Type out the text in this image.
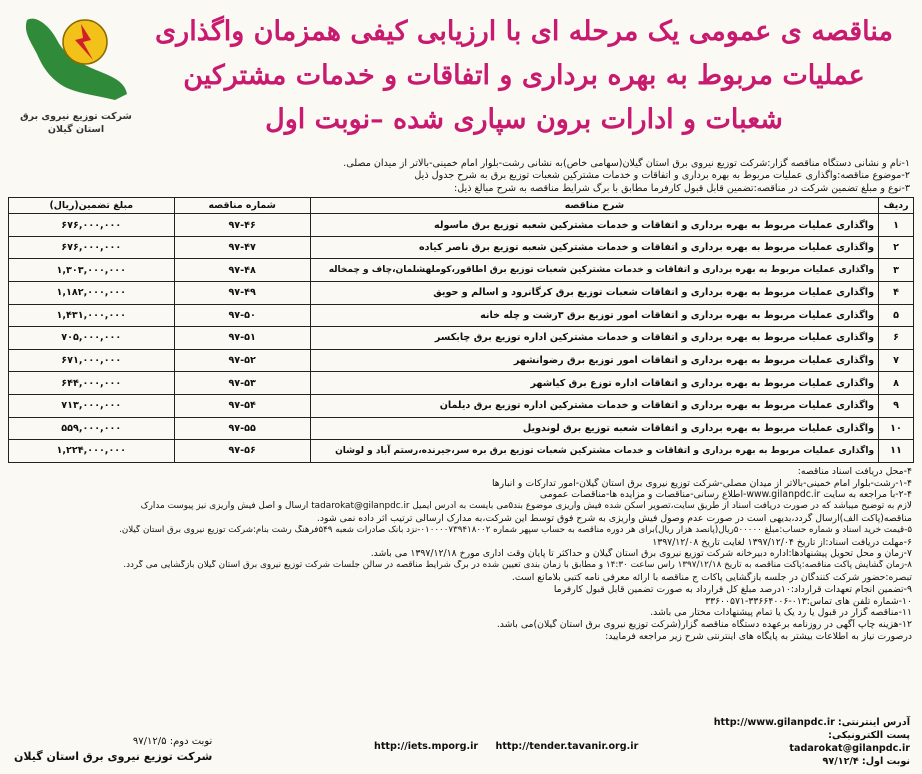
شرکت توزیع نیروی برق
استان گیلان
مناقصه ی عمومی یک مرحله ای با ارزیابی کیفی همزمان واگذاری
عملیات مربوط به بهره برداری و اتفاقات و خدمات مشترکین
شعبات و ادارات برون سپاری شده –نوبت اول
۱-نام و نشانی دستگاه مناقصه گزار:شرکت توزیع نیروی برق استان گیلان(سهامی خاص)به نشانی رشت-بلوار امام خمینی-بالاتر از میدان مصلی.
۲-موضوع مناقصه:واگذاری عملیات مربوط به بهره برداری و اتفاقات و خدمات مشترکین شعبات توزیع برق به شرح جدول ذیل
۳-نوع و مبلغ تضمین شرکت در مناقصه:تضمین قابل قبول کارفرما مطابق با برگ شرایط مناقصه به شرح مبالغ ذیل:
ردیف	شرح مناقصه	شماره مناقصه	مبلغ تضمین(ریال)
۱	واگذاری عملیات مربوط به بهره برداری و اتفاقات و خدمات مشترکین شعبه توزیع برق ماسوله	۹۷-۴۶	۶۷۶,۰۰۰,۰۰۰
۲	واگذاری عملیات مربوط به بهره برداری و اتفاقات و خدمات مشترکین شعبه توزیع برق ناصر کیاده	۹۷-۴۷	۶۷۶,۰۰۰,۰۰۰
۳	واگذاری عملیات مربوط به بهره برداری و اتفاقات و خدمات مشترکین شعبات توزیع برق اطاقور،کوملهشلمان،چاف و چمخاله	۹۷-۴۸	۱,۳۰۳,۰۰۰,۰۰۰
۴	واگذاری عملیات مربوط به بهره برداری و اتفاقات شعبات توزیع برق کرگانرود و اسالم و حویق	۹۷-۴۹	۱,۱۸۲,۰۰۰,۰۰۰
۵	واگذاری عملیات مربوط به بهره برداری و اتفاقات امور توزیع برق ۳رشت و چله خانه	۹۷-۵۰	۱,۴۳۱,۰۰۰,۰۰۰
۶	واگذاری عملیات مربوط به بهره برداری و اتفاقات و خدمات مشترکین اداره توزیع برق چابکسر	۹۷-۵۱	۷۰۵,۰۰۰,۰۰۰
۷	واگذاری عملیات مربوط به بهره برداری و اتفاقات امور توزیع برق رضوانشهر	۹۷-۵۲	۶۷۱,۰۰۰,۰۰۰
۸	واگذاری عملیات مربوط به بهره برداری و اتفاقات اداره توزع برق کیاشهر	۹۷-۵۳	۶۴۴,۰۰۰,۰۰۰
۹	واگذاری عملیات مربوط به بهره برداری و اتفاقات و خدمات مشترکین اداره توزیع برق دیلمان	۹۷-۵۴	۷۱۳,۰۰۰,۰۰۰
۱۰	واگذاری عملیات مربوط به بهره برداری و اتفاقات شعبه توزیع برق لوندویل	۹۷-۵۵	۵۵۹,۰۰۰,۰۰۰
۱۱	واگذاری عملیات مربوط به بهره برداری و اتفاقات و خدمات مشترکین شعبات توزیع برق بره سر،جیرنده،رستم آباد و لوشان	۹۷-۵۶	۱,۲۲۴,۰۰۰,۰۰۰
۴-محل دریافت اسناد مناقصه:
۱-۴-رشت-بلوار امام خمینی-بالاتر از میدان مصلی-شرکت توزیع نیروی برق استان گیلان-امور تدارکات و انبارها
۲-۴-با مراجعه به سایت www.gilanpdc.ir-اطلاع رسانی-مناقصات و مزایده ها-مناقصات عمومی
لازم به توضیح میباشد که در صورت دریافت اسناد از طریق سایت،تصویر اسکن شده فیش واریزی موضوع بند۵می بایست به آدرس ایمیل tadarokat@gilanpdc.ir ارسال و اصل فیش واریزی نیز پیوست مدارک
مناقصه(پاکت الف)ارسال گردد،بدیهی است در صورت عدم وصول فیش واریزی به شرح فوق توسط این شرکت،به مدارک ارسالی ترتیب اثر داده نمی شود.
۵-قیمت خرید اسناد و شماره حساب:مبلغ ۵۰۰۰۰۰ریال(پانصد هزار ریال)برای هر دوره مناقصه به حساب سپهر شماره ۰۱۰۰۰۰۷۳۹۴۱۸۰۰۲-نزد بانک صادرات شعبه ۵۴۹فرهنگ رشت بنام:شرکت توزیع نیروی برق استان گیلان.
۶-مهلت دریافت اسناد:از تاریخ ۱۳۹۷/۱۲/۰۴ لغایت تاریخ ۱۳۹۷/۱۲/۰۸
۷-زمان و محل تحویل پیشنهادها:اداره دبیرخانه شرکت توزیع نیروی برق استان گیلان و حداکثر تا پایان وقت اداری مورخ ۱۳۹۷/۱۲/۱۸ می باشد.
۸-زمان گشایش پاکت مناقصه:پاکت مناقصه به تاریخ ۱۳۹۷/۱۲/۱۸ راس ساعت ۱۴:۳۰ و مطابق با زمان بندی تعیین شده در برگ شرایط مناقصه در سالن جلسات شرکت توزیع نیروی برق استان گیلان بازگشایی می گردد.
تبصره:حضور شرکت کنندگان در جلسه بازگشایی پاکات ج مناقصه با ارائه معرفی نامه کتبی بلامانع است.
۹-تضمین انجام تعهدات قرارداد:۱۰درصد مبلغ کل قرارداد به صورت تضمین قابل قبول کارفرما
۱۰-شماره تلفن های تماس:۰۱۳-۳۳۶۶۴۰۰۶-۳۳۶۰۰۵۷۱
۱۱-مناقصه گزار در قبول یا رد یک یا تمام پیشنهادات مختار می باشد.
۱۲-هزینه چاپ آگهی در روزنامه برعهده دستگاه مناقصه گزار(شرکت توزیع نیروی برق استان گیلان)می باشد.
درصورت نیاز به اطلاعات بیشتر به پایگاه های اینترنتی شرح زیر مراجعه فرمایید:
آدرس اینترنتی: http://www.gilanpdc.ir
پست الکترونیکی:
tadarokat@gilanpdc.ir
نوبت اول: ۹۷/۱۲/۴
http://iets.mporg.ir http://tender.tavanir.org.ir
نوبت دوم: ۹۷/۱۲/۵
شرکت توزیع نیروی برق استان گیلان
